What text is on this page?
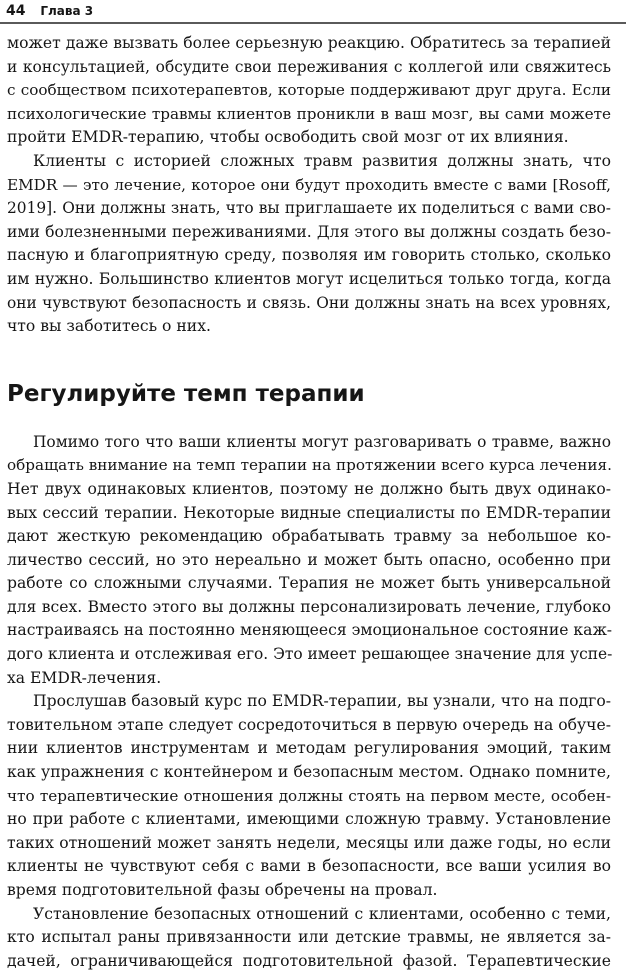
44 Глава 3
может даже вызвать более серьезную реакцию. Обратитесь за терапией
и консультацией, обсудите свои переживания с коллегой или свяжитесь
с сообществом психотерапевтов, которые поддерживают друг друга. Если
психологические травмы клиентов проникли в ваш мозг, вы сами можете
пройти EMDR-терапию, чтобы освободить свой мозг от их влияния.
Клиенты с историей сложных травм развития должны знать, что
EMDR — это лечение, которое они будут проходить вместе с вами [Rosoff,
2019]. Они должны знать, что вы приглашаете их поделиться с вами сво-
ими болезненными переживаниями. Для этого вы должны создать безо-
пасную и благоприятную среду, позволяя им говорить столько, сколько
им нужно. Большинство клиентов могут исцелиться только тогда, когда
они чувствуют безопасность и связь. Они должны знать на всех уровнях,
что вы заботитесь о них.
Регулируйте темп терапии
Помимо того что ваши клиенты могут разговаривать о травме, важно
обращать внимание на темп терапии на протяжении всего курса лечения.
Нет двух одинаковых клиентов, поэтому не должно быть двух одинако-
вых сессий терапии. Некоторые видные специалисты по EMDR-терапии
дают жесткую рекомендацию обрабатывать травму за небольшое ко-
личество сессий, но это нереально и может быть опасно, особенно при
работе со сложными случаями. Терапия не может быть универсальной
для всех. Вместо этого вы должны персонализировать лечение, глубоко
настраиваясь на постоянно меняющееся эмоциональное состояние каж-
дого клиента и отслеживая его. Это имеет решающее значение для успе-
ха EMDR-лечения.
Прослушав базовый курс по EMDR-терапии, вы узнали, что на подго-
товительном этапе следует сосредоточиться в первую очередь на обуче-
нии клиентов инструментам и методам регулирования эмоций, таким
как упражнения с контейнером и безопасным местом. Однако помните,
что терапевтические отношения должны стоять на первом месте, особен-
но при работе с клиентами, имеющими сложную травму. Установление
таких отношений может занять недели, месяцы или даже годы, но если
клиенты не чувствуют себя с вами в безопасности, все ваши усилия во
время подготовительной фазы обречены на провал.
Установление безопасных отношений с клиентами, особенно с теми,
кто испытал раны привязанности или детские травмы, не является за-
дачей, ограничивающейся подготовительной фазой. Терапевтические
